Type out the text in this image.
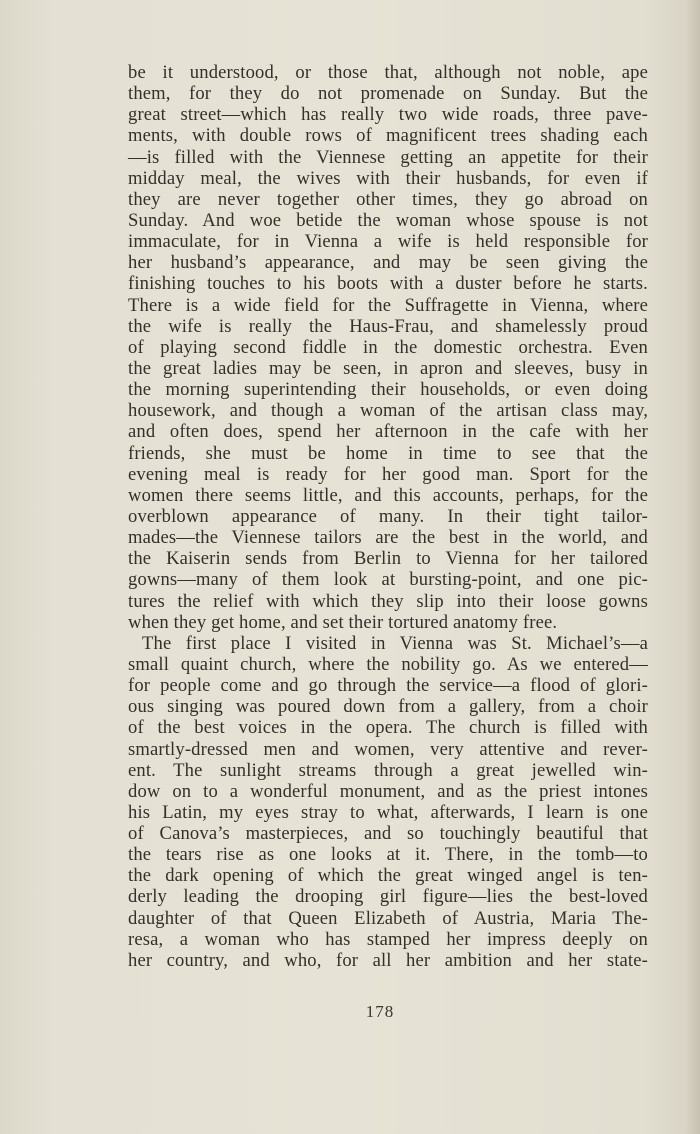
be it understood, or those that, although not noble, ape
them, for they do not promenade on Sunday. But the
great street—which has really two wide roads, three pave-
ments, with double rows of magnificent trees shading each
—is filled with the Viennese getting an appetite for their
midday meal, the wives with their husbands, for even if
they are never together other times, they go abroad on
Sunday. And woe betide the woman whose spouse is not
immaculate, for in Vienna a wife is held responsible for
her husband’s appearance, and may be seen giving the
finishing touches to his boots with a duster before he starts.
There is a wide field for the Suffragette in Vienna, where
the wife is really the Haus-Frau, and shamelessly proud
of playing second fiddle in the domestic orchestra. Even
the great ladies may be seen, in apron and sleeves, busy in
the morning superintending their households, or even doing
housework, and though a woman of the artisan class may,
and often does, spend her afternoon in the cafe with her
friends, she must be home in time to see that the
evening meal is ready for her good man. Sport for the
women there seems little, and this accounts, perhaps, for the
overblown appearance of many. In their tight tailor-
mades—the Viennese tailors are the best in the world, and
the Kaiserin sends from Berlin to Vienna for her tailored
gowns—many of them look at bursting-point, and one pic-
tures the relief with which they slip into their loose gowns
when they get home, and set their tortured anatomy free.
The first place I visited in Vienna was St. Michael’s—a
small quaint church, where the nobility go. As we entered—
for people come and go through the service—a flood of glori-
ous singing was poured down from a gallery, from a choir
of the best voices in the opera. The church is filled with
smartly-dressed men and women, very attentive and rever-
ent. The sunlight streams through a great jewelled win-
dow on to a wonderful monument, and as the priest intones
his Latin, my eyes stray to what, afterwards, I learn is one
of Canova’s masterpieces, and so touchingly beautiful that
the tears rise as one looks at it. There, in the tomb—to
the dark opening of which the great winged angel is ten-
derly leading the drooping girl figure—lies the best-loved
daughter of that Queen Elizabeth of Austria, Maria The-
resa, a woman who has stamped her impress deeply on
her country, and who, for all her ambition and her state-
178
